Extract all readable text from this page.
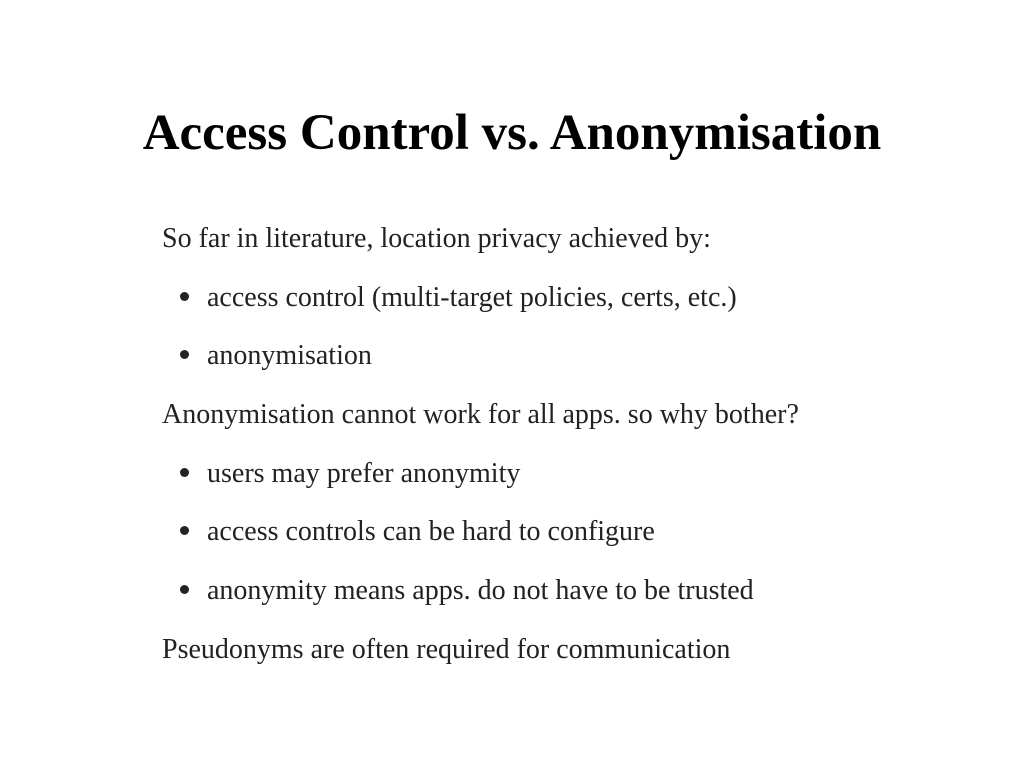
Access Control vs. Anonymisation
So far in literature, location privacy achieved by:
access control (multi-target policies, certs, etc.)
anonymisation
Anonymisation cannot work for all apps. so why bother?
users may prefer anonymity
access controls can be hard to configure
anonymity means apps. do not have to be trusted
Pseudonyms are often required for communication
